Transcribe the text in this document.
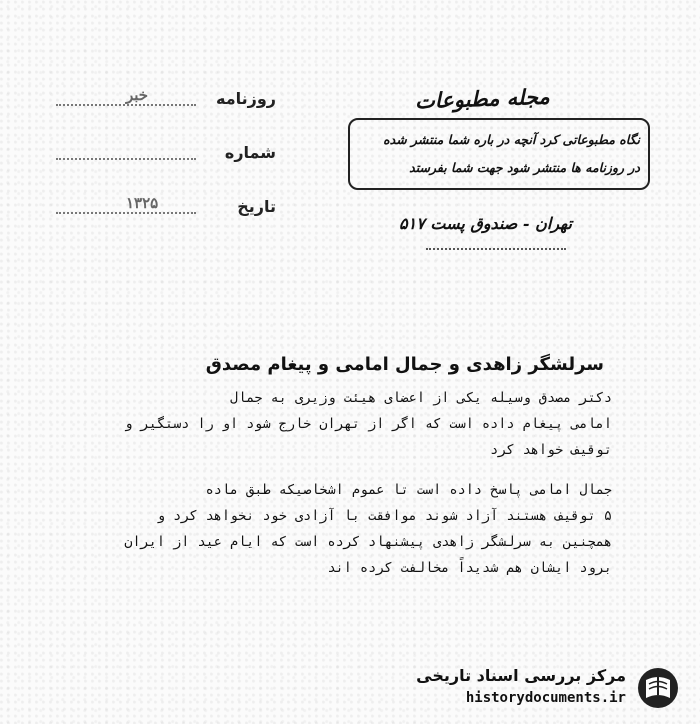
روزنامه
خبر
شماره
تاریخ
۱۳۲۵
مجله مطبوعات
نگاه مطبوعاتی کرد آنچه در باره شما منتشر شده
در روزنامه ها منتشر شود جهت شما بفرستد
تهران - صندوق پست ۵۱۷
سرلشگر زاهدی و جمال امامی و پیغام مصدق
دکتر مصدق وسیله یکی از اعضای هیئت وزیری به جمال
امامی پیغام داده است که اگر از تهران خارج شود او را دستگیر و
توقیف خواهد کرد
جمال امامی پاسخ داده است تا عموم اشخاصیکه طبق ماده
۵ توقیف هستند آزاد شوند موافقت با آزادی خود نخواهد کرد و
همچنین به سرلشگر زاهدی پیشنهاد کرده است که ایام عید از ایران
برود ایشان هم شدیداً مخالفت کرده اند
مرکز بررسی اسناد تاریخی
historydocuments.ir
